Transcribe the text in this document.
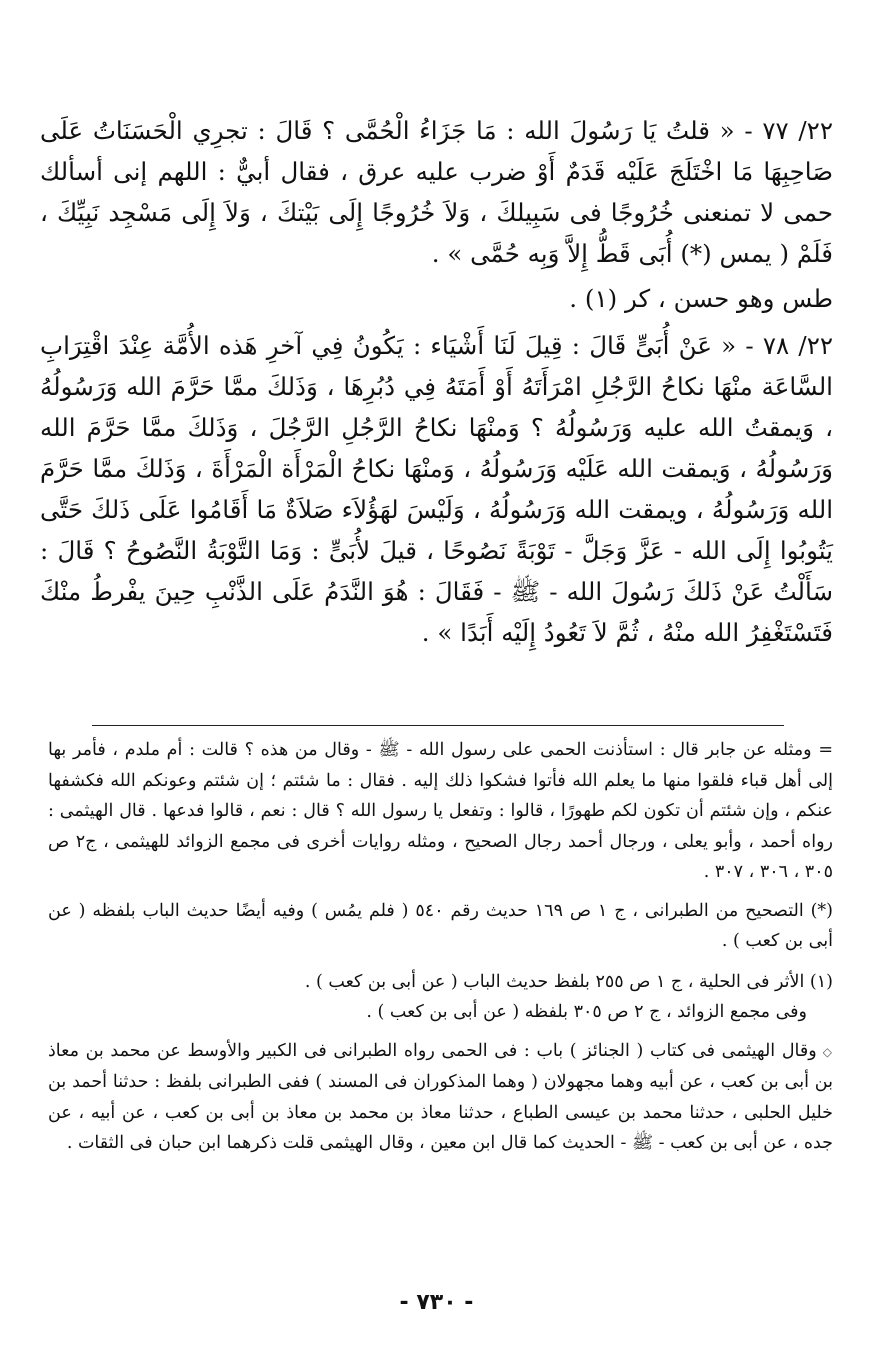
٢٢/ ٧٧ - « قلتُ يَا رَسُولَ الله : مَا جَزَاءُ الْحُمَّى ؟ قَالَ : تجرِي الْحَسَنَاتُ عَلَى صَاحِبِهَا مَا اخْتَلَجَ عَلَيْه قَدَمٌ أَوْ ضرب عليه عرق ، فقال أبيٌّ : اللهم إنى أسألك حمى لا تمنعنى خُرُوجًا فى سَبِيلكَ ، وَلاَ خُرُوجًا إِلَى بَيْتكَ ، وَلاَ إِلَى مَسْجِد نَبِيِّكَ ، فَلَمْ ( يمس (*) أُبَى قَطُّ إِلاَّ وَبِه حُمَّى » .

طس وهو حسن ، كر (١) .

٢٢/ ٧٨ - « عَنْ أُبَىٍّ قَالَ : قِيلَ لَنَا أَشْيَاء : يَكُونُ فِي آخرِ هَذه الأُمَّة عِنْدَ اقْتِرَابِ السَّاعَة منْهَا نكاحُ الرَّجُلِ امْرَأَتَهُ أَوْ أَمَتَهُ فِي دُبُرِهَا ، وَذَلكَ ممَّا حَرَّمَ الله وَرَسُولُهُ ، وَيمقتُ الله عليه وَرَسُولُهُ ؟ وَمنْهَا نكاحُ الرَّجُلِ الرَّجُلَ ، وَذَلكَ ممَّا حَرَّمَ الله وَرَسُولُهُ ، وَيمقت الله عَلَيْه وَرَسُولُهُ ، وَمنْهَا نكاحُ الْمَرْأَة الْمَرْأَةَ ، وَذَلكَ ممَّا حَرَّمَ الله وَرَسُولُهُ ، ويمقت الله وَرَسُولُهُ ، وَلَيْسَ لهَؤُلاَء صَلاَةٌ مَا أَقَامُوا عَلَى ذَلكَ حَتَّى يَتُوبُوا إِلَى الله - عَزَّ وَجَلَّ - تَوْبَةً نَصُوحًا ، قيلَ لأُبَىٍّ : وَمَا التَّوْبَةُ النَّصُوحُ ؟ قَالَ : سَأَلْتُ عَنْ ذَلكَ رَسُولَ الله - ﷺ - فَقَالَ : هُوَ النَّدَمُ عَلَى الذَّنْبِ حِينَ يفْرطُ منْكَ فَتَسْتَغْفِرُ الله منْهُ ، ثُمَّ لاَ تَعُودُ إِلَيْه أَبَدًا » .

= ومثله عن جابر قال : استأذنت الحمى على رسول الله - ﷺ - وقال من هذه ؟ قالت : أم ملدم ، فأمر بها إلى أهل قباء فلقوا منها ما يعلم الله فأتوا فشكوا ذلك إليه . فقال : ما شئتم ؛ إن شئتم وعونكم الله فكشفها عنكم ، وإن شئتم أن تكون لكم طهورًا ، قالوا : وتفعل يا رسول الله ؟ قال : نعم ، قالوا فدعها . قال الهيثمى : رواه أحمد ، وأبو يعلى ، ورجال أحمد رجال الصحيح ، ومثله روايات أخرى فى مجمع الزوائد للهيثمى ، ج٢ ص ٣٠٥ ، ٣٠٦ ، ٣٠٧ .

(*) التصحيح من الطبرانى ، ج ١ ص ١٦٩ حديث رقم ٥٤٠ ( فلم يمُس ) وفيه أيضًا حديث الباب بلفظه ( عن أبى بن كعب ) .

(١) الأثر فى الحلية ، ج ١ ص ٢٥٥ بلفظ حديث الباب ( عن أبى بن كعب ) .

وفى مجمع الزوائد ، ج ٢ ص ٣٠٥ بلفظه ( عن أبى بن كعب ) .

◇وقال الهيثمى فى كتاب ( الجنائز ) باب : فى الحمى رواه الطبرانى فى الكبير والأوسط عن محمد بن معاذ بن أبى بن كعب ، عن أبيه وهما مجهولان ( وهما المذكوران فى المسند ) ففى الطبرانى بلفظ : حدثنا أحمد بن خليل الحلبى ، حدثنا محمد بن عيسى الطباع ، حدثنا معاذ بن محمد بن معاذ بن أبى بن كعب ، عن أبيه ، عن جده ، عن أبى بن كعب - ﷺ - الحديث كما قال ابن معين ، وقال الهيثمى قلت ذكرهما ابن حبان فى الثقات .

- ٧٣٠ -
